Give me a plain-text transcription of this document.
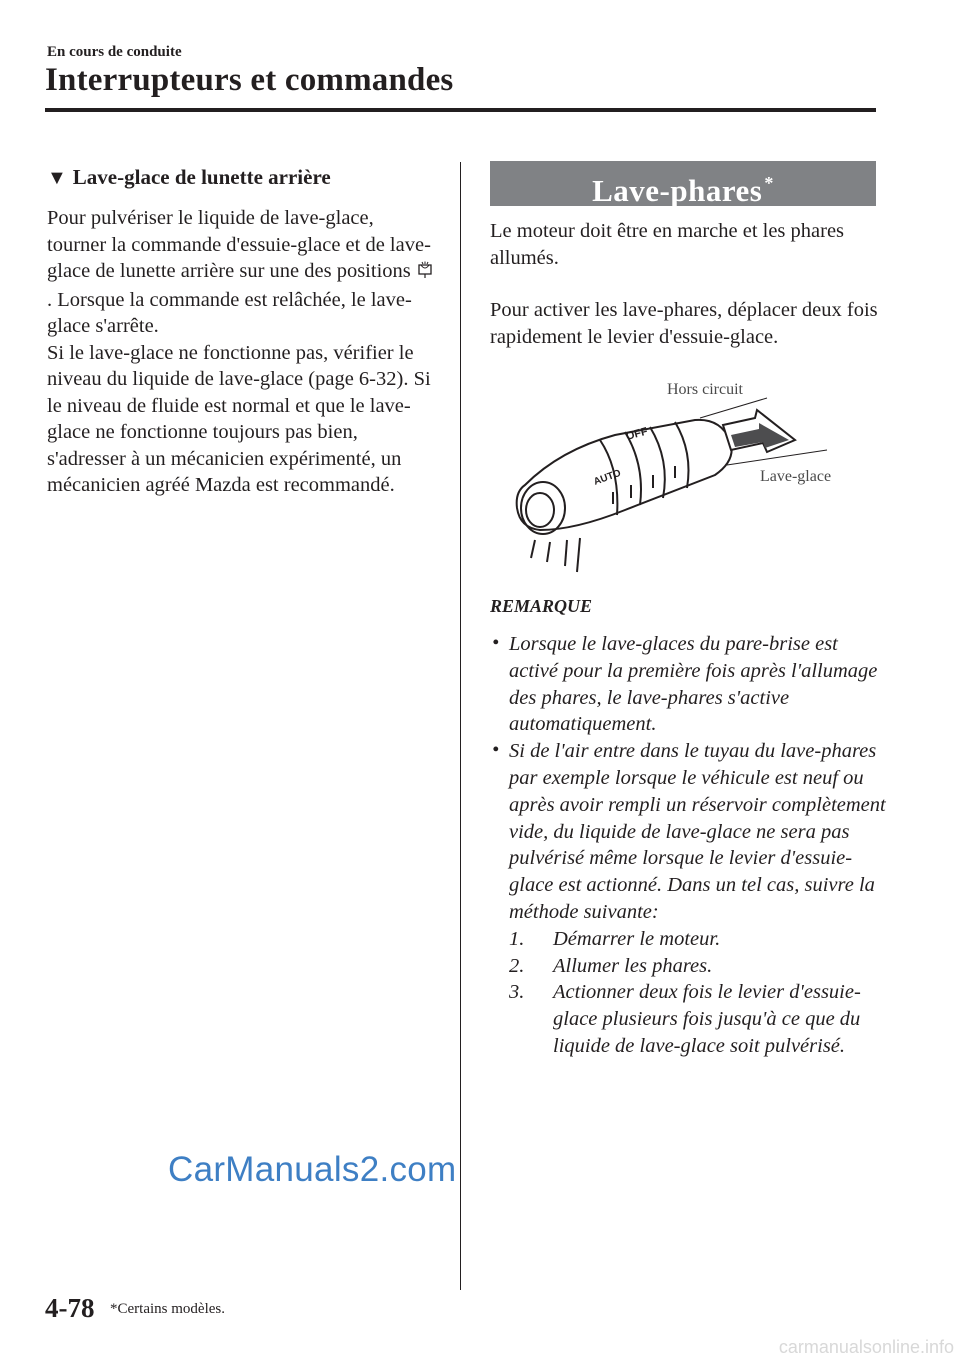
En cours de conduite
Interrupteurs et commandes
▼ Lave-glace de lunette arrière
Pour pulvériser le liquide de lave-glace, tourner la commande d'essuie-glace et de lave-glace de lunette arrière sur une des positions . Lorsque la commande est relâchée, le lave-glace s'arrête.
Si le lave-glace ne fonctionne pas, vérifier le niveau du liquide de lave-glace (page 6-32). Si le niveau de fluide est normal et que le lave-glace ne fonctionne toujours pas bien, s'adresser à un mécanicien expérimenté, un mécanicien agréé Mazda est recommandé.
Lave-phares *
Le moteur doit être en marche et les phares allumés.
Pour activer les lave-phares, déplacer deux fois rapidement le levier d'essuie-glace.
OFF
AUTO
Hors circuit
Lave-glace
REMARQUE
• Lorsque le lave-glaces du pare-brise est activé pour la première fois après l'allumage des phares, le lave-phares s'active automatiquement.
• Si de l'air entre dans le tuyau du lave-phares par exemple lorsque le véhicule est neuf ou après avoir rempli un réservoir complètement vide, du liquide de lave-glace ne sera pas pulvérisé même lorsque le levier d'essuie-glace est actionné. Dans un tel cas, suivre la méthode suivante:
1. Démarrer le moteur.
2. Allumer les phares.
3. Actionner deux fois le levier d'essuie-glace plusieurs fois jusqu'à ce que du liquide de lave-glace soit pulvérisé.
CarManuals2.com
4-78 *Certains modèles.
carmanualsonline.info
